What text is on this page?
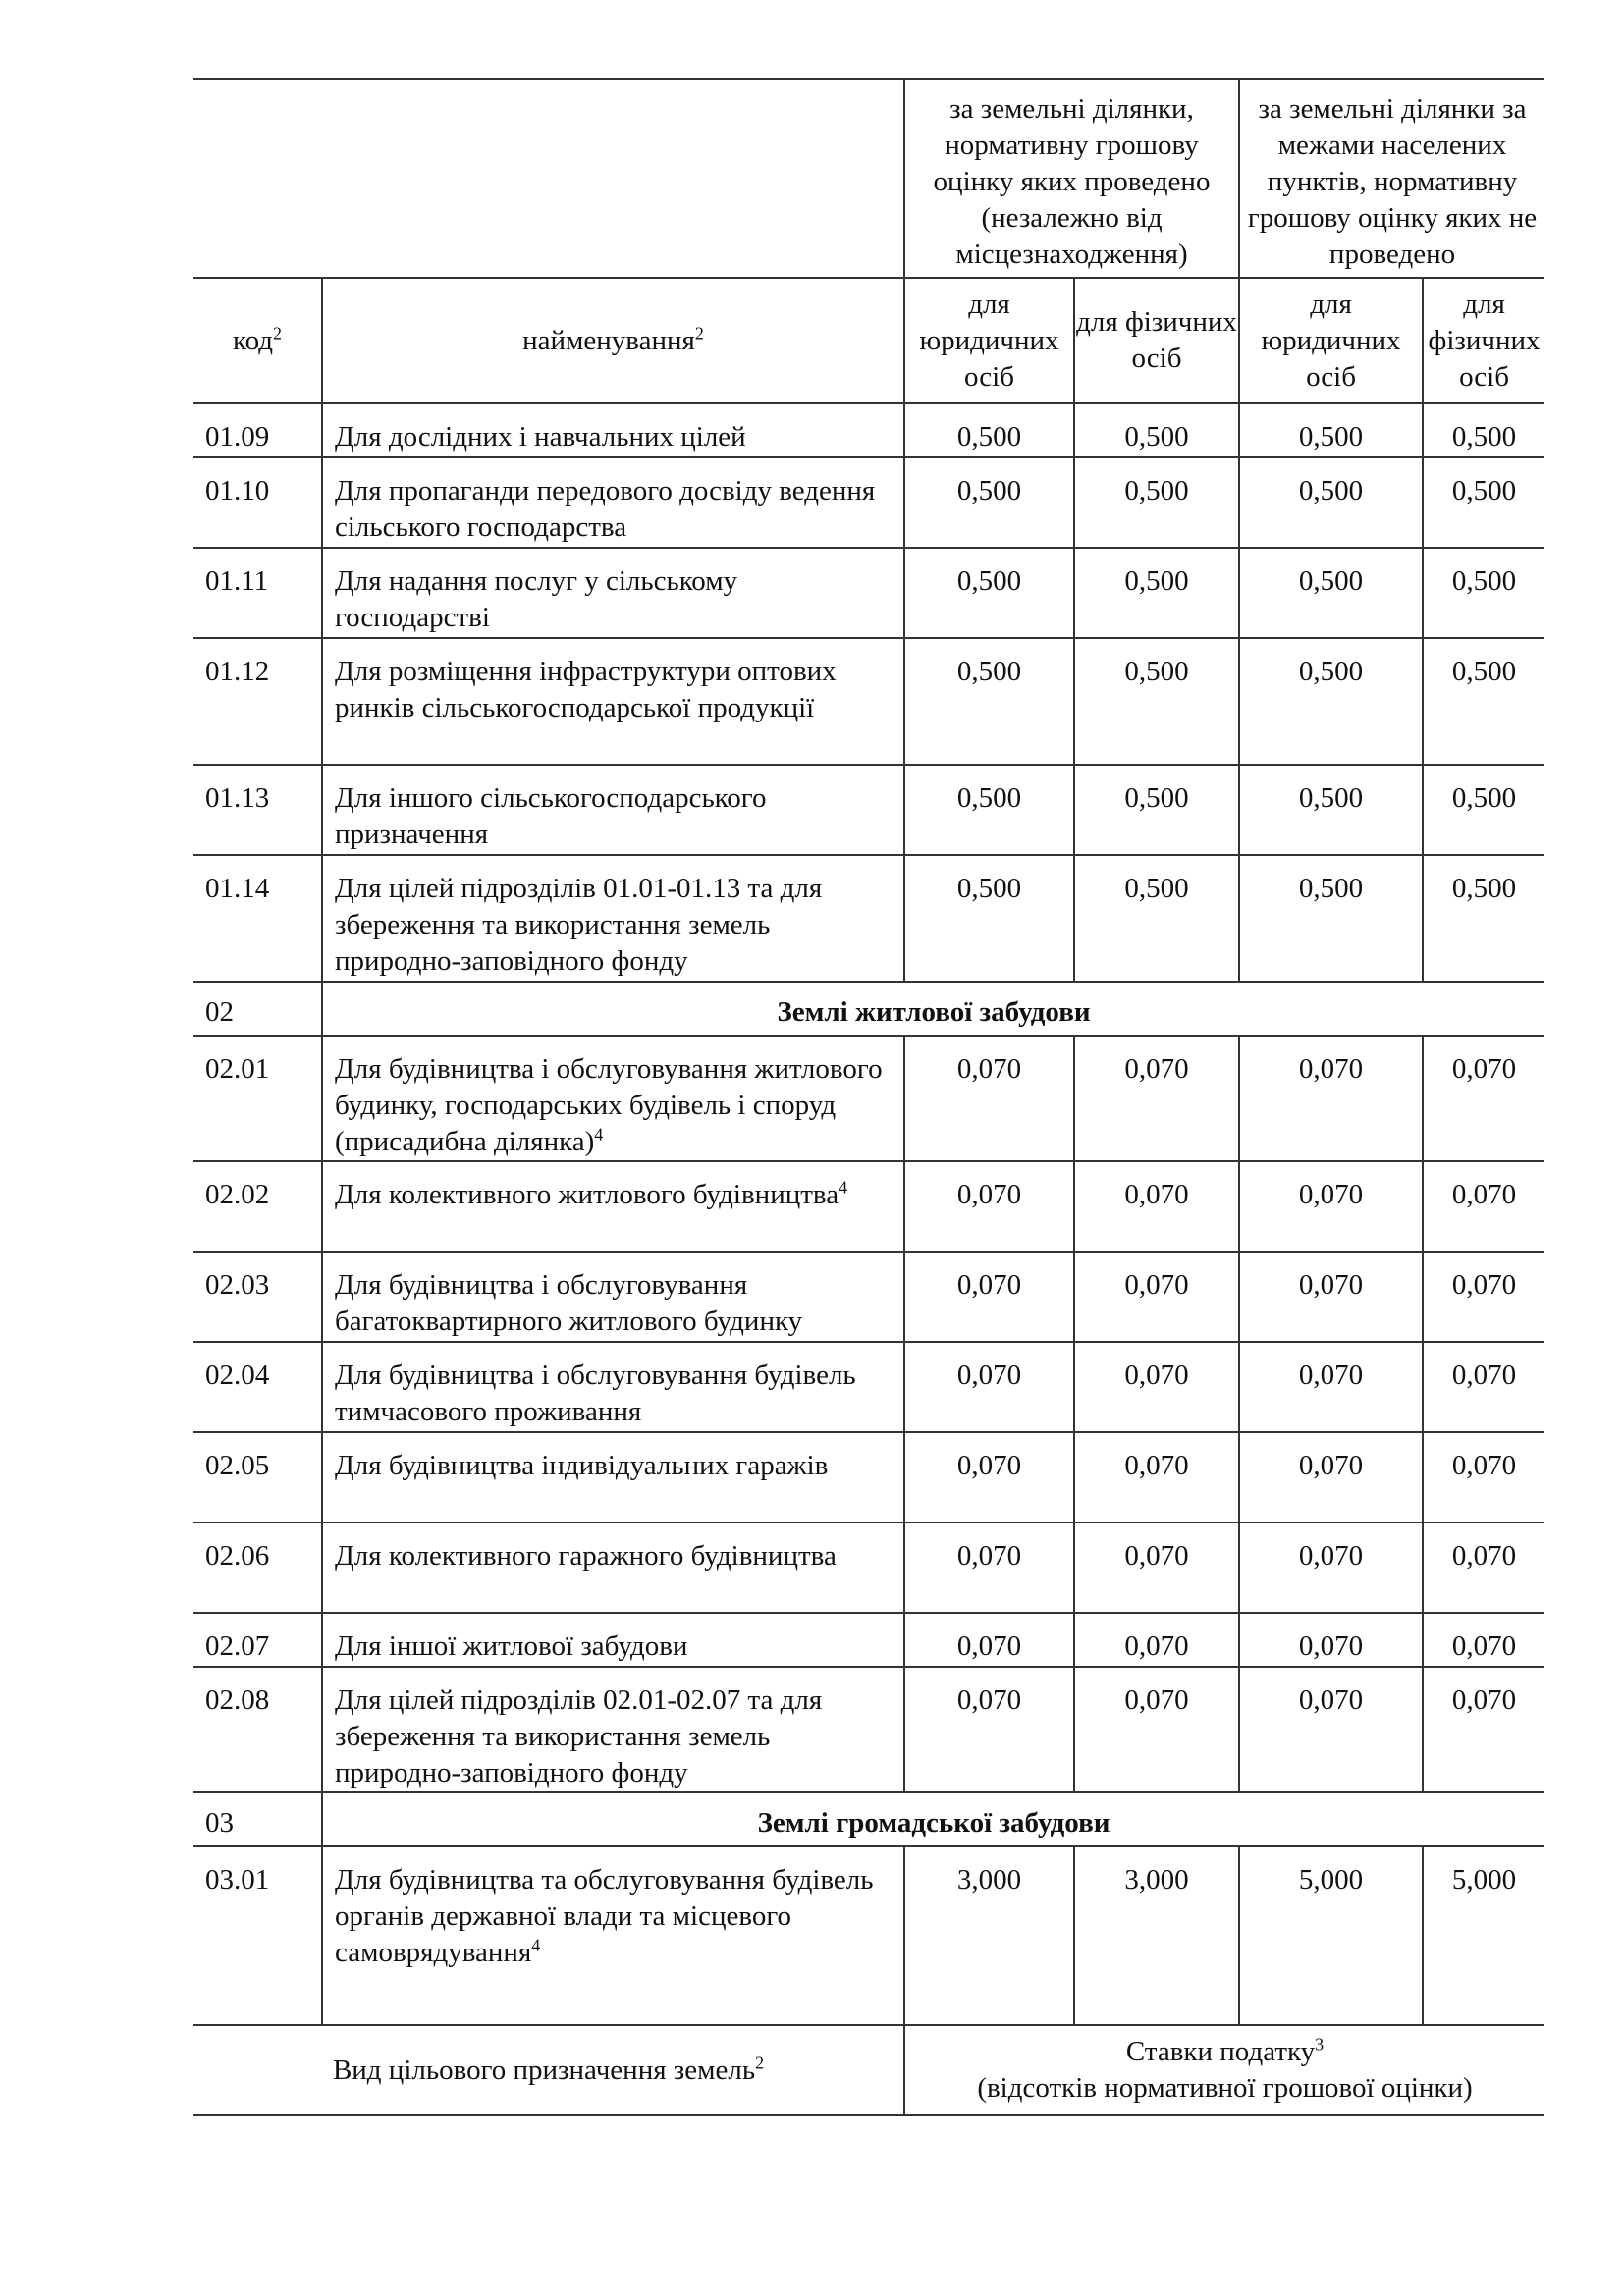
		за земельні ділянки, нормативну грошову оцінку яких проведено (незалежно від місцезнаходження)		за земельні ділянки за межами населених пунктів, нормативну грошову оцінку яких не проведено	
код$^2$	найменування$^2$	для юридичних осіб	для фізичних осіб	для юридичних осіб	для фізичних осіб
01.09	Для дослідних і навчальних цілей	0,500	0,500	0,500	0,500
01.10	Для пропаганди передового досвіду ведення сільського господарства	0,500	0,500	0,500	0,500
01.11	Для надання послуг у сільському господарстві	0,500	0,500	0,500	0,500
01.12	Для розміщення інфраструктури оптових ринків сільськогосподарської продукції	0,500	0,500	0,500	0,500
01.13	Для іншого сільськогосподарського призначення	0,500	0,500	0,500	0,500
01.14	Для цілей підрозділів 01.01-01.13 та для збереження та використання земель природно-заповідного фонду	0,500	0,500	0,500	0,500
02	Землі житлової забудови				
02.01	Для будівництва і обслуговування житлового будинку, господарських будівель і споруд (присадибна ділянка)$^4$	0,070	0,070	0,070	0,070
02.02	Для колективного житлового будівництва$^4$	0,070	0,070	0,070	0,070
02.03	Для будівництва і обслуговування багатоквартирного житлового будинку	0,070	0,070	0,070	0,070
02.04	Для будівництва і обслуговування будівель тимчасового проживання	0,070	0,070	0,070	0,070
02.05	Для будівництва індивідуальних гаражів	0,070	0,070	0,070	0,070
02.06	Для колективного гаражного будівництва	0,070	0,070	0,070	0,070
02.07	Для іншої житлової забудови	0,070	0,070	0,070	0,070
02.08	Для цілей підрозділів 02.01-02.07 та для збереження та використання земель природно-заповідного фонду	0,070	0,070	0,070	0,070
03	Землі громадської забудови				
03.01	Для будівництва та обслуговування будівель органів державної влади та місцевого самоврядування$^4$	3,000	3,000	5,000	5,000
Вид цільового призначення земель$^2$		Ставки податку$^3$
(відсотків нормативної грошової оцінки)			
